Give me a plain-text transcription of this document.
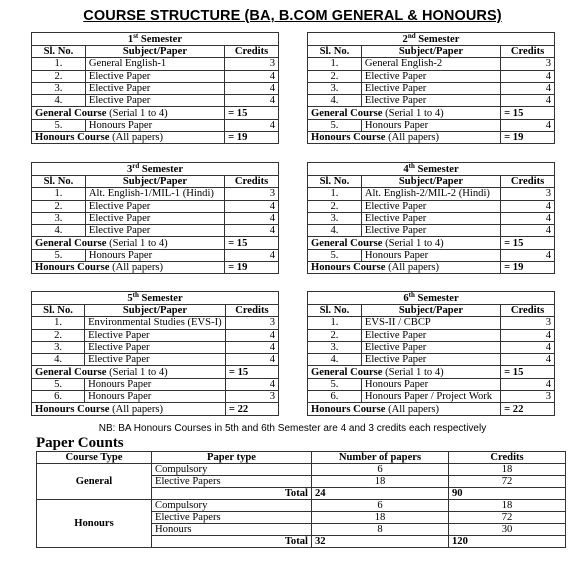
COURSE STRUCTURE (BA, B.COM GENERAL & HONOURS)
1st Semester		
Sl. No.	Subject/Paper	Credits
1.	General English-1	3
2.	Elective Paper	4
3.	Elective Paper	4
4.	Elective Paper	4
General Course (Serial 1 to 4)		= 15
5.	Honours Paper	4
Honours Course (All papers)		= 19
2nd Semester		
Sl. No.	Subject/Paper	Credits
1.	General English-2	3
2.	Elective Paper	4
3.	Elective Paper	4
4.	Elective Paper	4
General Course (Serial 1 to 4)		= 15
5.	Honours Paper	4
Honours Course (All papers)		= 19
3rd Semester		
Sl. No.	Subject/Paper	Credits
1.	Alt. English-1/MIL-1 (Hindi)	3
2.	Elective Paper	4
3.	Elective Paper	4
4.	Elective Paper	4
General Course (Serial 1 to 4)		= 15
5.	Honours Paper	4
Honours Course (All papers)		= 19
4th Semester		
Sl. No.	Subject/Paper	Credits
1.	Alt. English-2/MIL-2 (Hindi)	3
2.	Elective Paper	4
3.	Elective Paper	4
4.	Elective Paper	4
General Course (Serial 1 to 4)		= 15
5.	Honours Paper	4
Honours Course (All papers)		= 19
5th Semester		
Sl. No.	Subject/Paper	Credits
1.	Environmental Studies (EVS-I)	3
2.	Elective Paper	4
3.	Elective Paper	4
4.	Elective Paper	4
General Course (Serial 1 to 4)		= 15
5.	Honours Paper	4
6.	Honours Paper	3
Honours Course (All papers)		= 22
6th Semester		
Sl. No.	Subject/Paper	Credits
1.	EVS-II / CBCP	3
2.	Elective Paper	4
3.	Elective Paper	4
4.	Elective Paper	4
General Course (Serial 1 to 4)		= 15
5.	Honours Paper	4
6.	Honours Paper / Project Work	3
Honours Course (All papers)		= 22
NB: BA Honours Courses in 5th and 6th Semester are 4 and 3 credits each respectively
Paper Counts
Course Type	Paper type	Number of papers	Credits
General	Compulsory	6	18
	Elective Papers	18	72
	Total	24	90
Honours	Compulsory	6	18
	Elective Papers	18	72
	Honours	8	30
	Total	32	120
